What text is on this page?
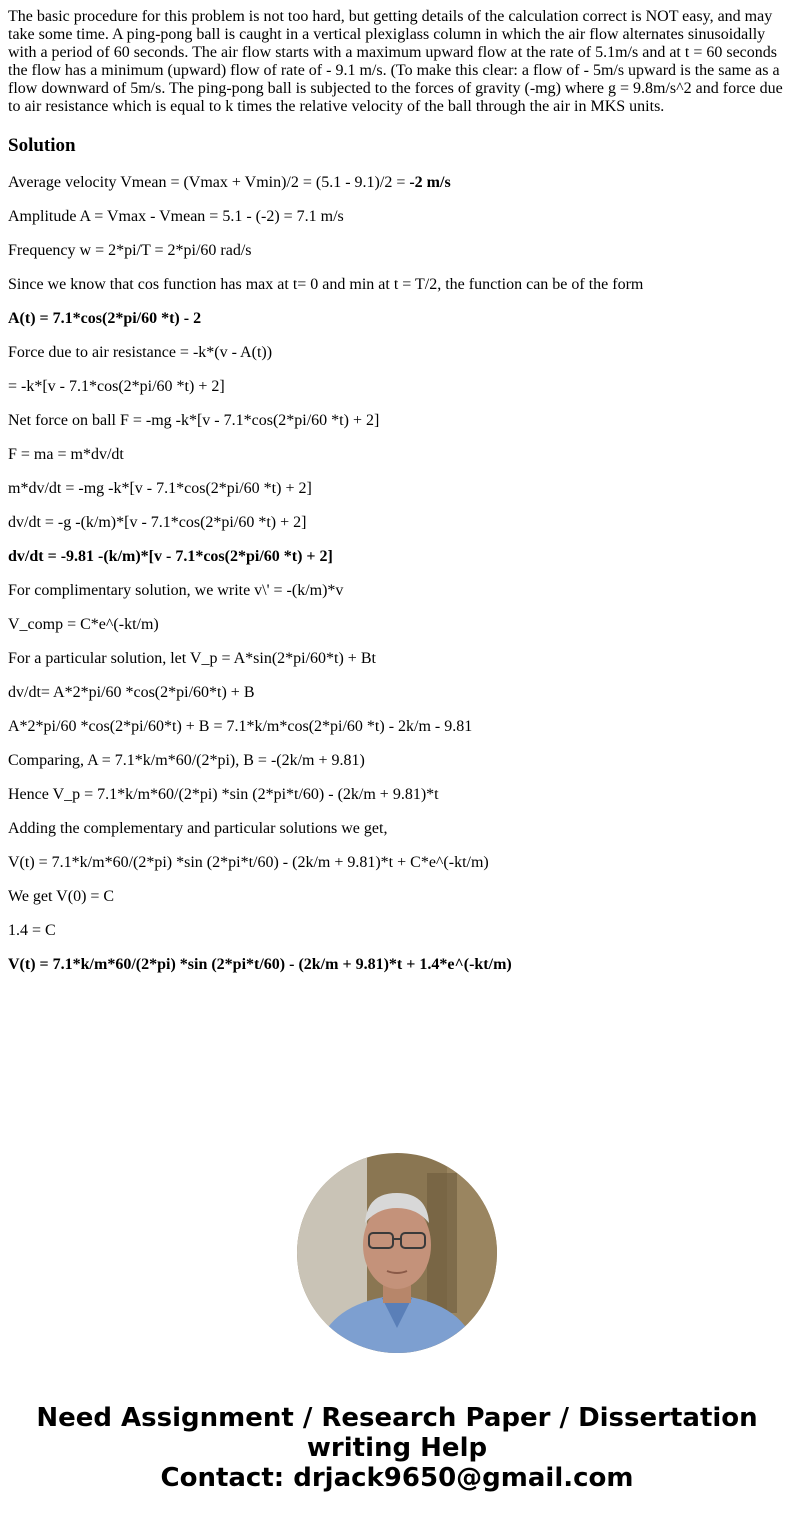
The basic procedure for this problem is not too hard, but getting details of the calculation correct is NOT easy, and may take some time. A ping-pong ball is caught in a vertical plexiglass column in which the air flow alternates sinusoidally with a period of 60 seconds. The air flow starts with a maximum upward flow at the rate of 5.1m/s and at t = 60 seconds the flow has a minimum (upward) flow of rate of - 9.1 m/s. (To make this clear: a flow of - 5m/s upward is the same as a flow downward of 5m/s. The ping-pong ball is subjected to the forces of gravity (-mg) where g = 9.8m/s^2 and force due to air resistance which is equal to k times the relative velocity of the ball through the air in MKS units.

Solution

Average velocity Vmean = (Vmax + Vmin)/2 = (5.1 - 9.1)/2 = -2 m/s

Amplitude A = Vmax - Vmean = 5.1 - (-2) = 7.1 m/s

Frequency w = 2*pi/T = 2*pi/60 rad/s

Since we know that cos function has max at t= 0 and min at t = T/2, the function can be of the form

A(t) = 7.1*cos(2*pi/60 *t) - 2

Force due to air resistance = -k*(v - A(t))

= -k*[v - 7.1*cos(2*pi/60 *t) + 2]

Net force on ball F = -mg -k*[v - 7.1*cos(2*pi/60 *t) + 2]

F = ma = m*dv/dt

m*dv/dt = -mg -k*[v - 7.1*cos(2*pi/60 *t) + 2]

dv/dt = -g -(k/m)*[v - 7.1*cos(2*pi/60 *t) + 2]

dv/dt = -9.81 -(k/m)*[v - 7.1*cos(2*pi/60 *t) + 2]

For complimentary solution, we write v\' = -(k/m)*v

V_comp = C*e^(-kt/m)

For a particular solution, let V_p = A*sin(2*pi/60*t) + Bt

dv/dt= A*2*pi/60 *cos(2*pi/60*t) + B

A*2*pi/60 *cos(2*pi/60*t) + B = 7.1*k/m*cos(2*pi/60 *t) - 2k/m - 9.81

Comparing, A = 7.1*k/m*60/(2*pi), B = -(2k/m + 9.81)

Hence V_p = 7.1*k/m*60/(2*pi) *sin (2*pi*t/60) - (2k/m + 9.81)*t

Adding the complementary and particular solutions we get,

V(t) = 7.1*k/m*60/(2*pi) *sin (2*pi*t/60) - (2k/m + 9.81)*t + C*e^(-kt/m)

We get V(0) = C

1.4 = C

V(t) = 7.1*k/m*60/(2*pi) *sin (2*pi*t/60) - (2k/m + 9.81)*t + 1.4*e^(-kt/m)

Need Assignment / Research Paper / Dissertation
writing Help
Contact: drjack9650@gmail.com
